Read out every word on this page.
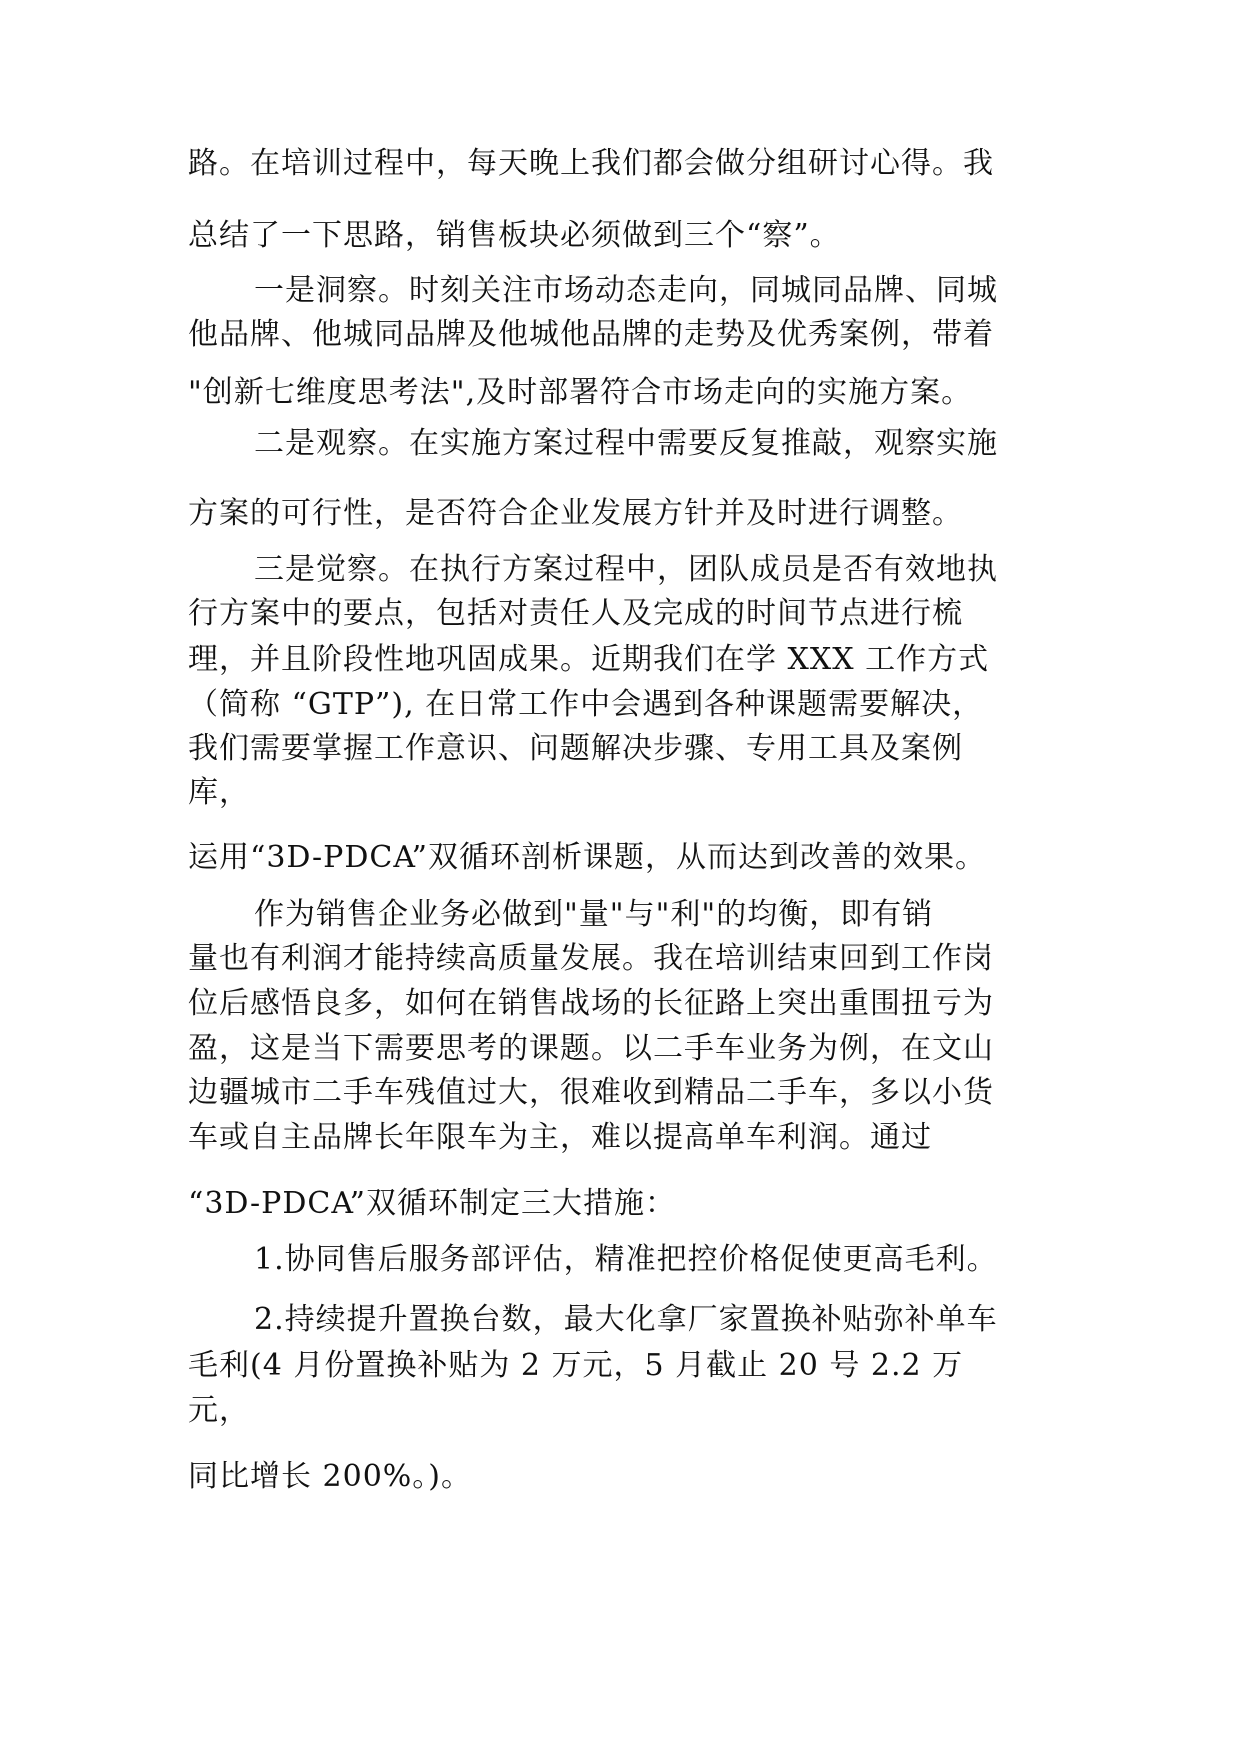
路。在培训过程中，每天晚上我们都会做分组研讨心得。我
总结了一下思路，销售板块必须做到三个“察”。
一是洞察。时刻关注市场动态走向，同城同品牌、同城
他品牌、他城同品牌及他城他品牌的走势及优秀案例，带着
"创新七维度思考法",及时部署符合市场走向的实施方案。
二是观察。在实施方案过程中需要反复推敲，观察实施
方案的可行性，是否符合企业发展方针并及时进行调整。
三是觉察。在执行方案过程中，团队成员是否有效地执
行方案中的要点，包括对责任人及完成的时间节点进行梳
理，并且阶段性地巩固成果。近期我们在学 XXX 工作方式
（简称 “GTP”), 在日常工作中会遇到各种课题需要解决，
我们需要掌握工作意识、问题解决步骤、专用工具及案例
库，
运用“3D-PDCA”双循环剖析课题，从而达到改善的效果。
作为销售企业务必做到"量"与"利"的均衡，即有销
量也有利润才能持续高质量发展。我在培训结束回到工作岗
位后感悟良多，如何在销售战场的长征路上突出重围扭亏为
盈，这是当下需要思考的课题。以二手车业务为例，在文山
边疆城市二手车残值过大，很难收到精品二手车，多以小货
车或自主品牌长年限车为主，难以提高单车利润。通过
“3D-PDCA”双循环制定三大措施：
1.协同售后服务部评估，精准把控价格促使更高毛利。
2.持续提升置换台数，最大化拿厂家置换补贴弥补单车
毛利(4 月份置换补贴为 2 万元，5 月截止 20 号 2.2 万
元，
同比增长 200%。)。
